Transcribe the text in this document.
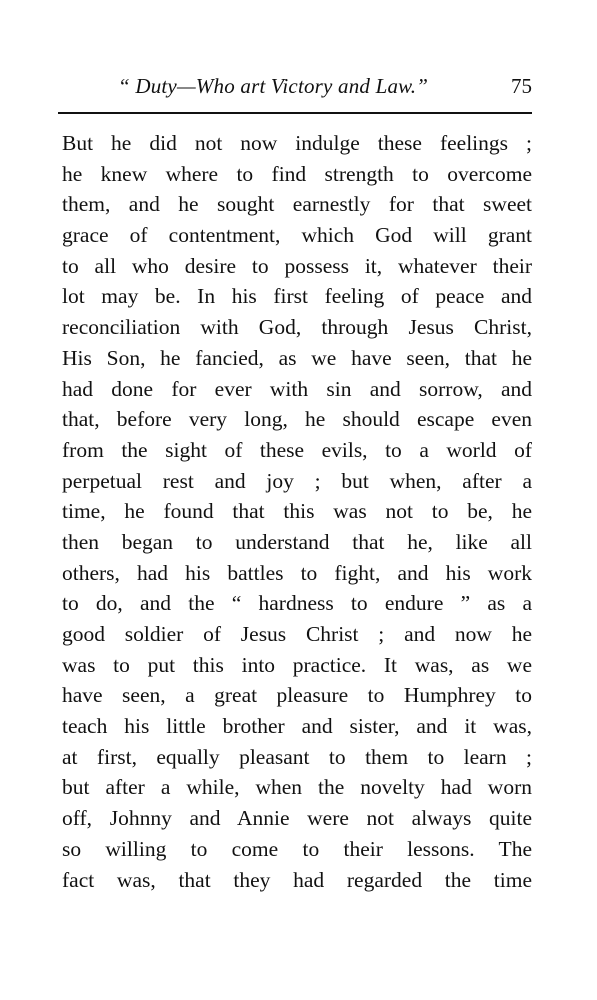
“ Duty—Who art Victory and Law.”	75
But he did not now indulge these feelings ;
he knew where to find strength to overcome
them, and he sought earnestly for that sweet
grace of contentment, which God will grant
to all who desire to possess it, whatever their
lot may be. In his first feeling of peace and
reconciliation with God, through Jesus Christ,
His Son, he fancied, as we have seen, that he
had done for ever with sin and sorrow, and
that, before very long, he should escape even
from the sight of these evils, to a world of
perpetual rest and joy ; but when, after a
time, he found that this was not to be, he
then began to understand that he, like all
others, had his battles to fight, and his work
to do, and the “ hardness to endure ” as a
good soldier of Jesus Christ ; and now he
was to put this into practice. It was, as we
have seen, a great pleasure to Humphrey to
teach his little brother and sister, and it was,
at first, equally pleasant to them to learn ;
but after a while, when the novelty had worn
off, Johnny and Annie were not always quite
so willing to come to their lessons. The
fact was, that they had regarded the time
